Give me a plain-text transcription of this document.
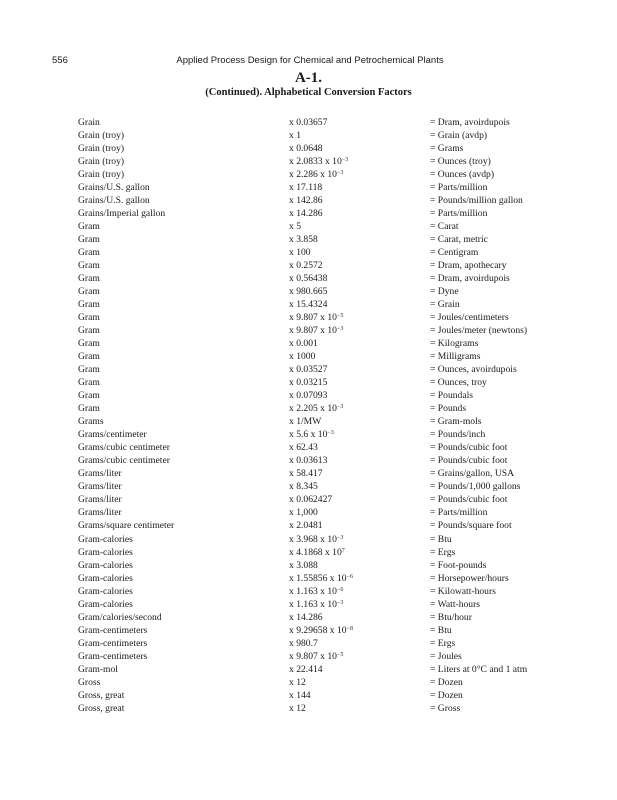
556	Applied Process Design for Chemical and Petrochemical Plants
A-1.
(Continued). Alphabetical Conversion Factors
Grain	x 0.03657	= Dram, avoirdupois
Grain (troy)	x 1	= Grain (avdp)
Grain (troy)	x 0.0648	= Grams
Grain (troy)	x 2.0833 x $10^{-3}$	= Ounces (troy)
Grain (troy)	x 2.286 x $10^{-3}$	= Ounces (avdp)
Grains/U.S. gallon	x 17.118	= Parts/million
Grains/U.S. gallon	x 142.86	= Pounds/million gallon
Grains/Imperial gallon	x 14.286	= Parts/million
Gram	x 5	= Carat
Gram	x 3.858	= Carat, metric
Gram	x 100	= Centigram
Gram	x 0.2572	= Dram, apothecary
Gram	x 0.56438	= Dram, avoirdupois
Gram	x 980.665	= Dyne
Gram	x 15.4324	= Grain
Gram	x 9.807 x $10^{-5}$	= Joules/centimeters
Gram	x 9.807 x $10^{-3}$	= Joules/meter (newtons)
Gram	x 0.001	= Kilograms
Gram	x 1000	= Milligrams
Gram	x 0.03527	= Ounces, avoirdupois
Gram	x 0.03215	= Ounces, troy
Gram	x 0.07093	= Poundals
Gram	x 2.205 x $10^{-3}$	= Pounds
Grams	x 1/MW	= Gram-mols
Grams/centimeter	x 5.6 x $10^{-3}$	= Pounds/inch
Grams/cubic centimeter	x 62.43	= Pounds/cubic foot
Grams/cubic centimeter	x 0.03613	= Pounds/cubic foot
Grams/liter	x 58.417	= Grains/gallon, USA
Grams/liter	x 8.345	= Pounds/1,000 gallons
Grams/liter	x 0.062427	= Pounds/cubic foot
Grams/liter	x 1,000	= Parts/million
Grams/square centimeter	x 2.0481	= Pounds/square foot
Gram-calories	x 3.968 x $10^{-3}$	= Btu
Gram-calories	x 4.1868 x $10^7$	= Ergs
Gram-calories	x 3.088	= Foot-pounds
Gram-calories	x 1.55856 x $10^{-6}$	= Horsepower/hours
Gram-calories	x 1.163 x $10^{-6}$	= Kilowatt-hours
Gram-calories	x 1.163 x $10^{-3}$	= Watt-hours
Gram/calories/second	x 14.286	= Btu/hour
Gram-centimeters	x 9.29658 x $10^{-8}$	= Btu
Gram-centimeters	x 980.7	= Ergs
Gram-centimeters	x 9.807 x $10^{-5}$	= Joules
Gram-mol	x 22.414	= Liters at 0°C and 1 atm
Gross	x 12	= Dozen
Gross, great	x 144	= Dozen
Gross, great	x 12	= Gross
